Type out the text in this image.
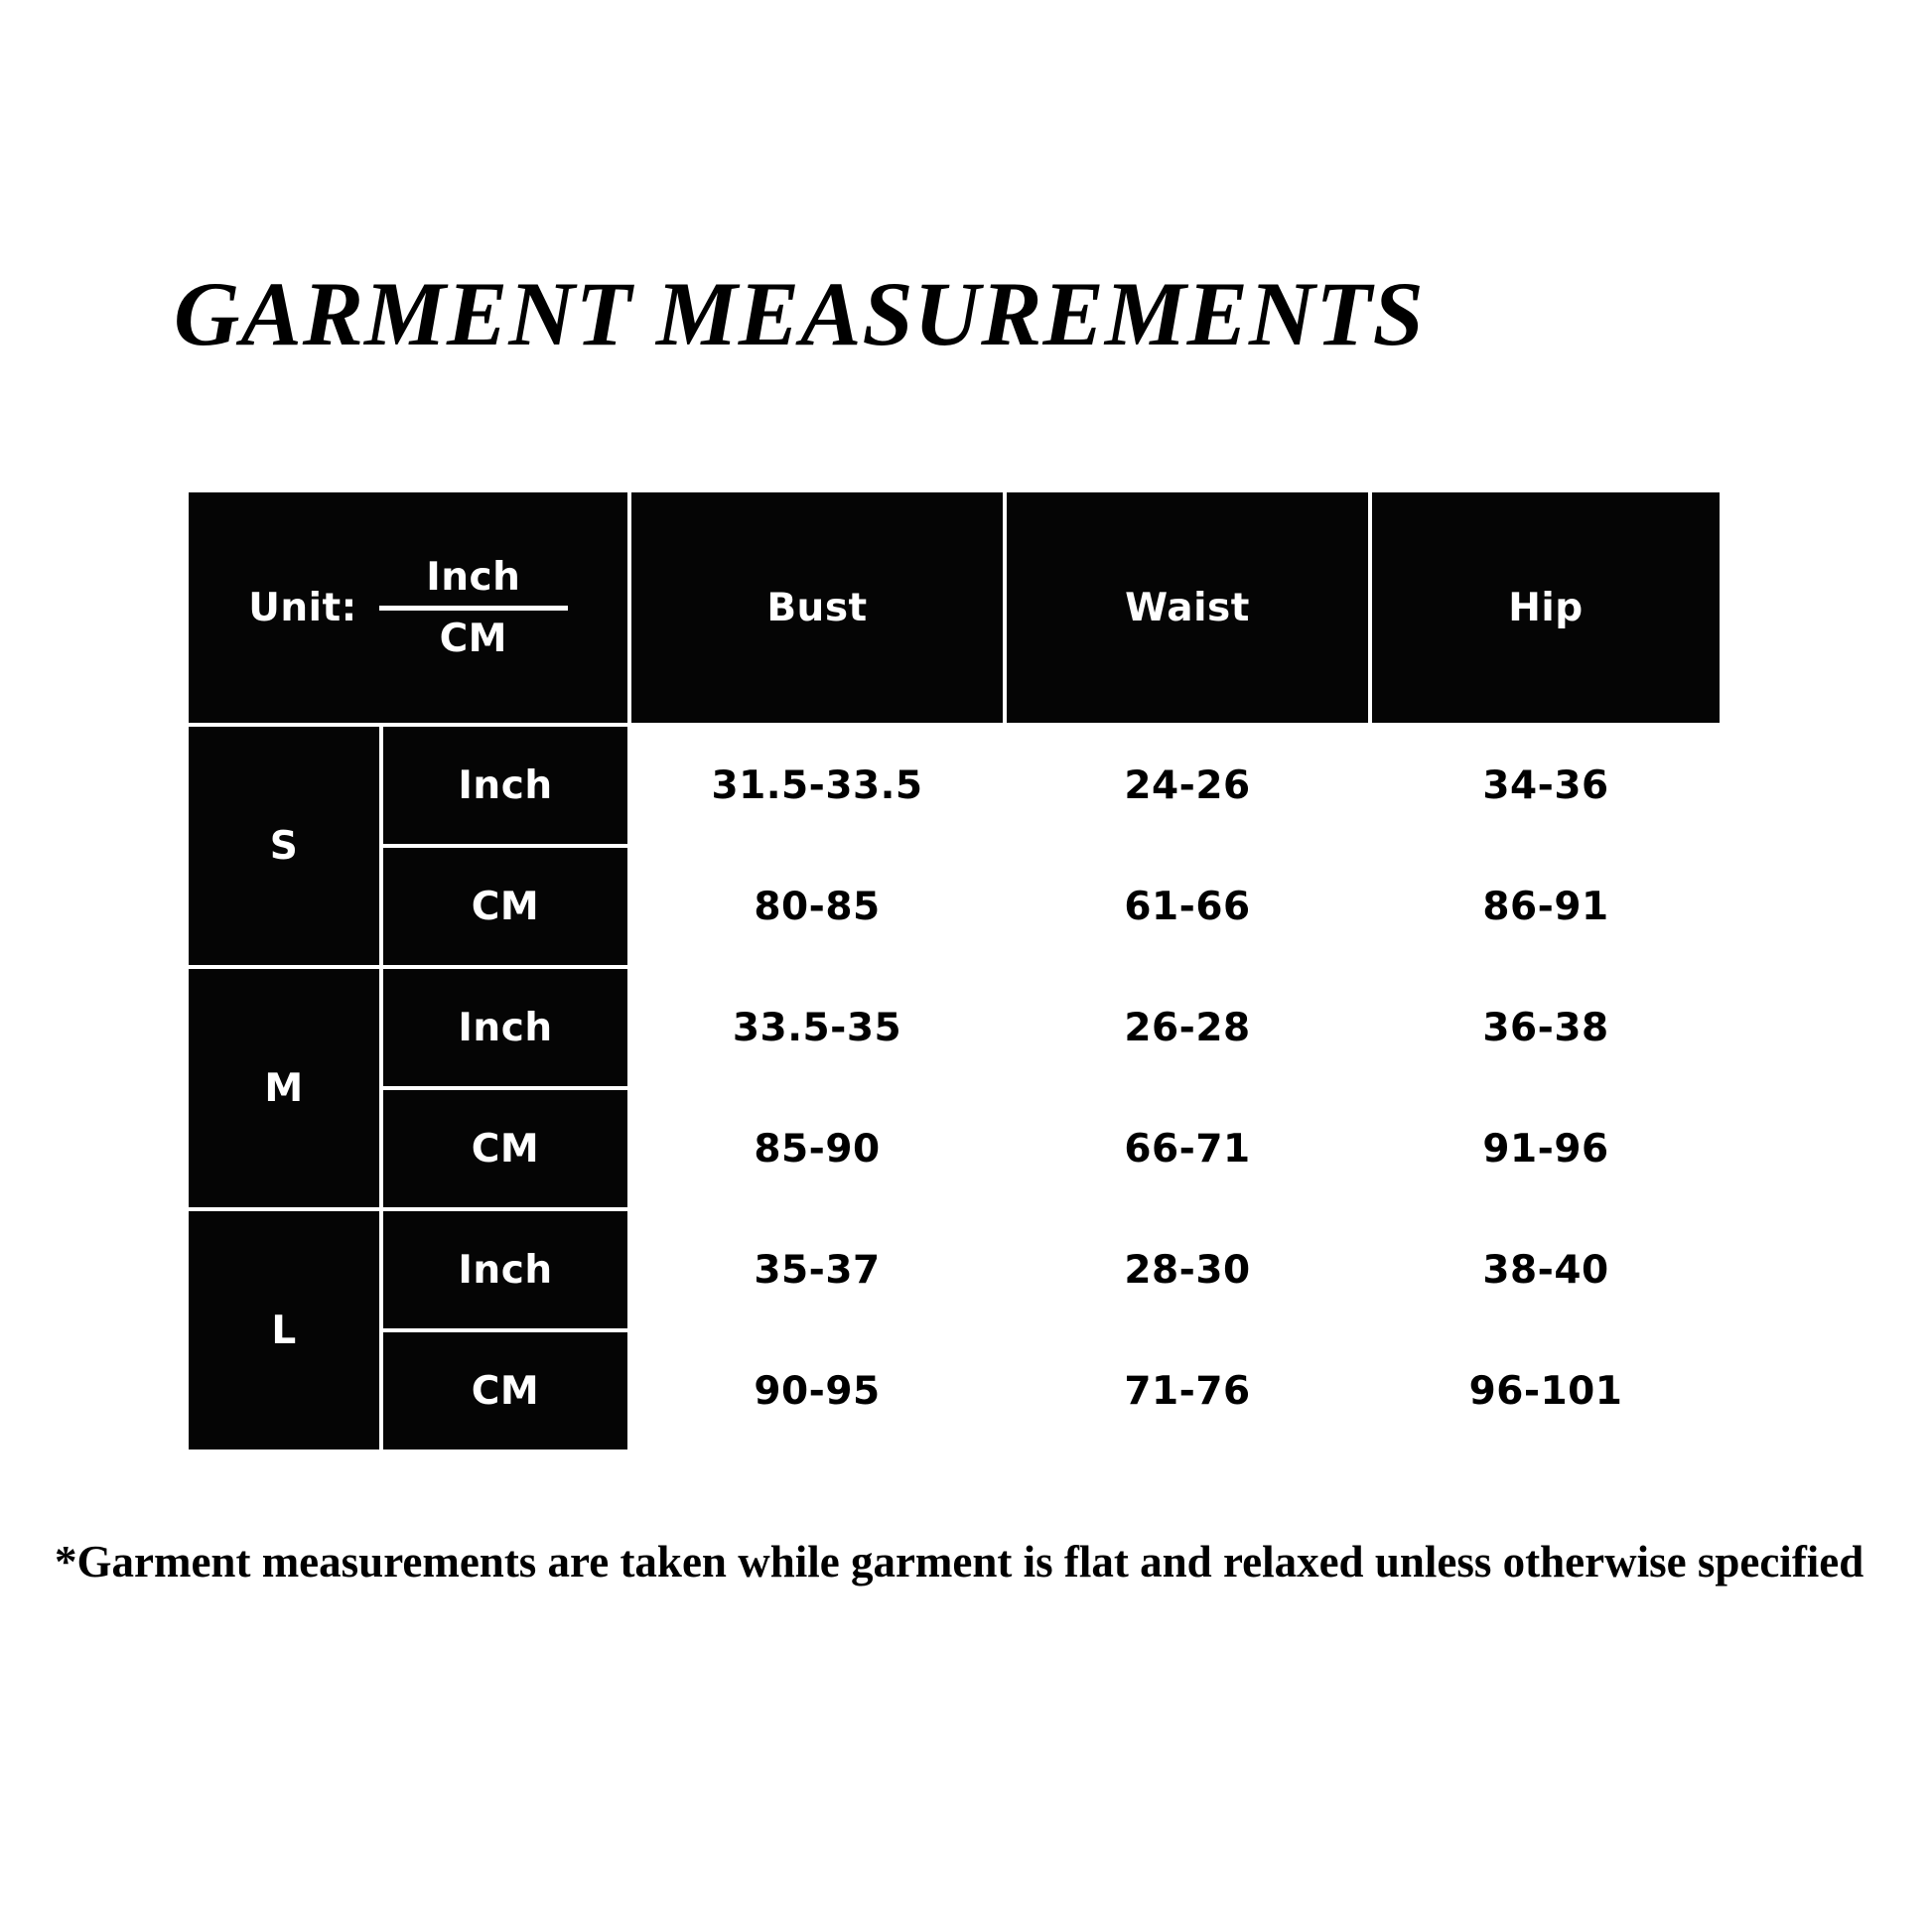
GARMENT MEASUREMENTS
Unit:
Inch
CM		Bust	Waist	Hip
S	Inch	31.5-33.5	24-26	34-36
	CM	80-85	61-66	86-91
M	Inch	33.5-35	26-28	36-38
	CM	85-90	66-71	91-96
L	Inch	35-37	28-30	38-40
	CM	90-95	71-76	96-101
*Garment measurements are taken while garment is flat and relaxed unless otherwise specified
